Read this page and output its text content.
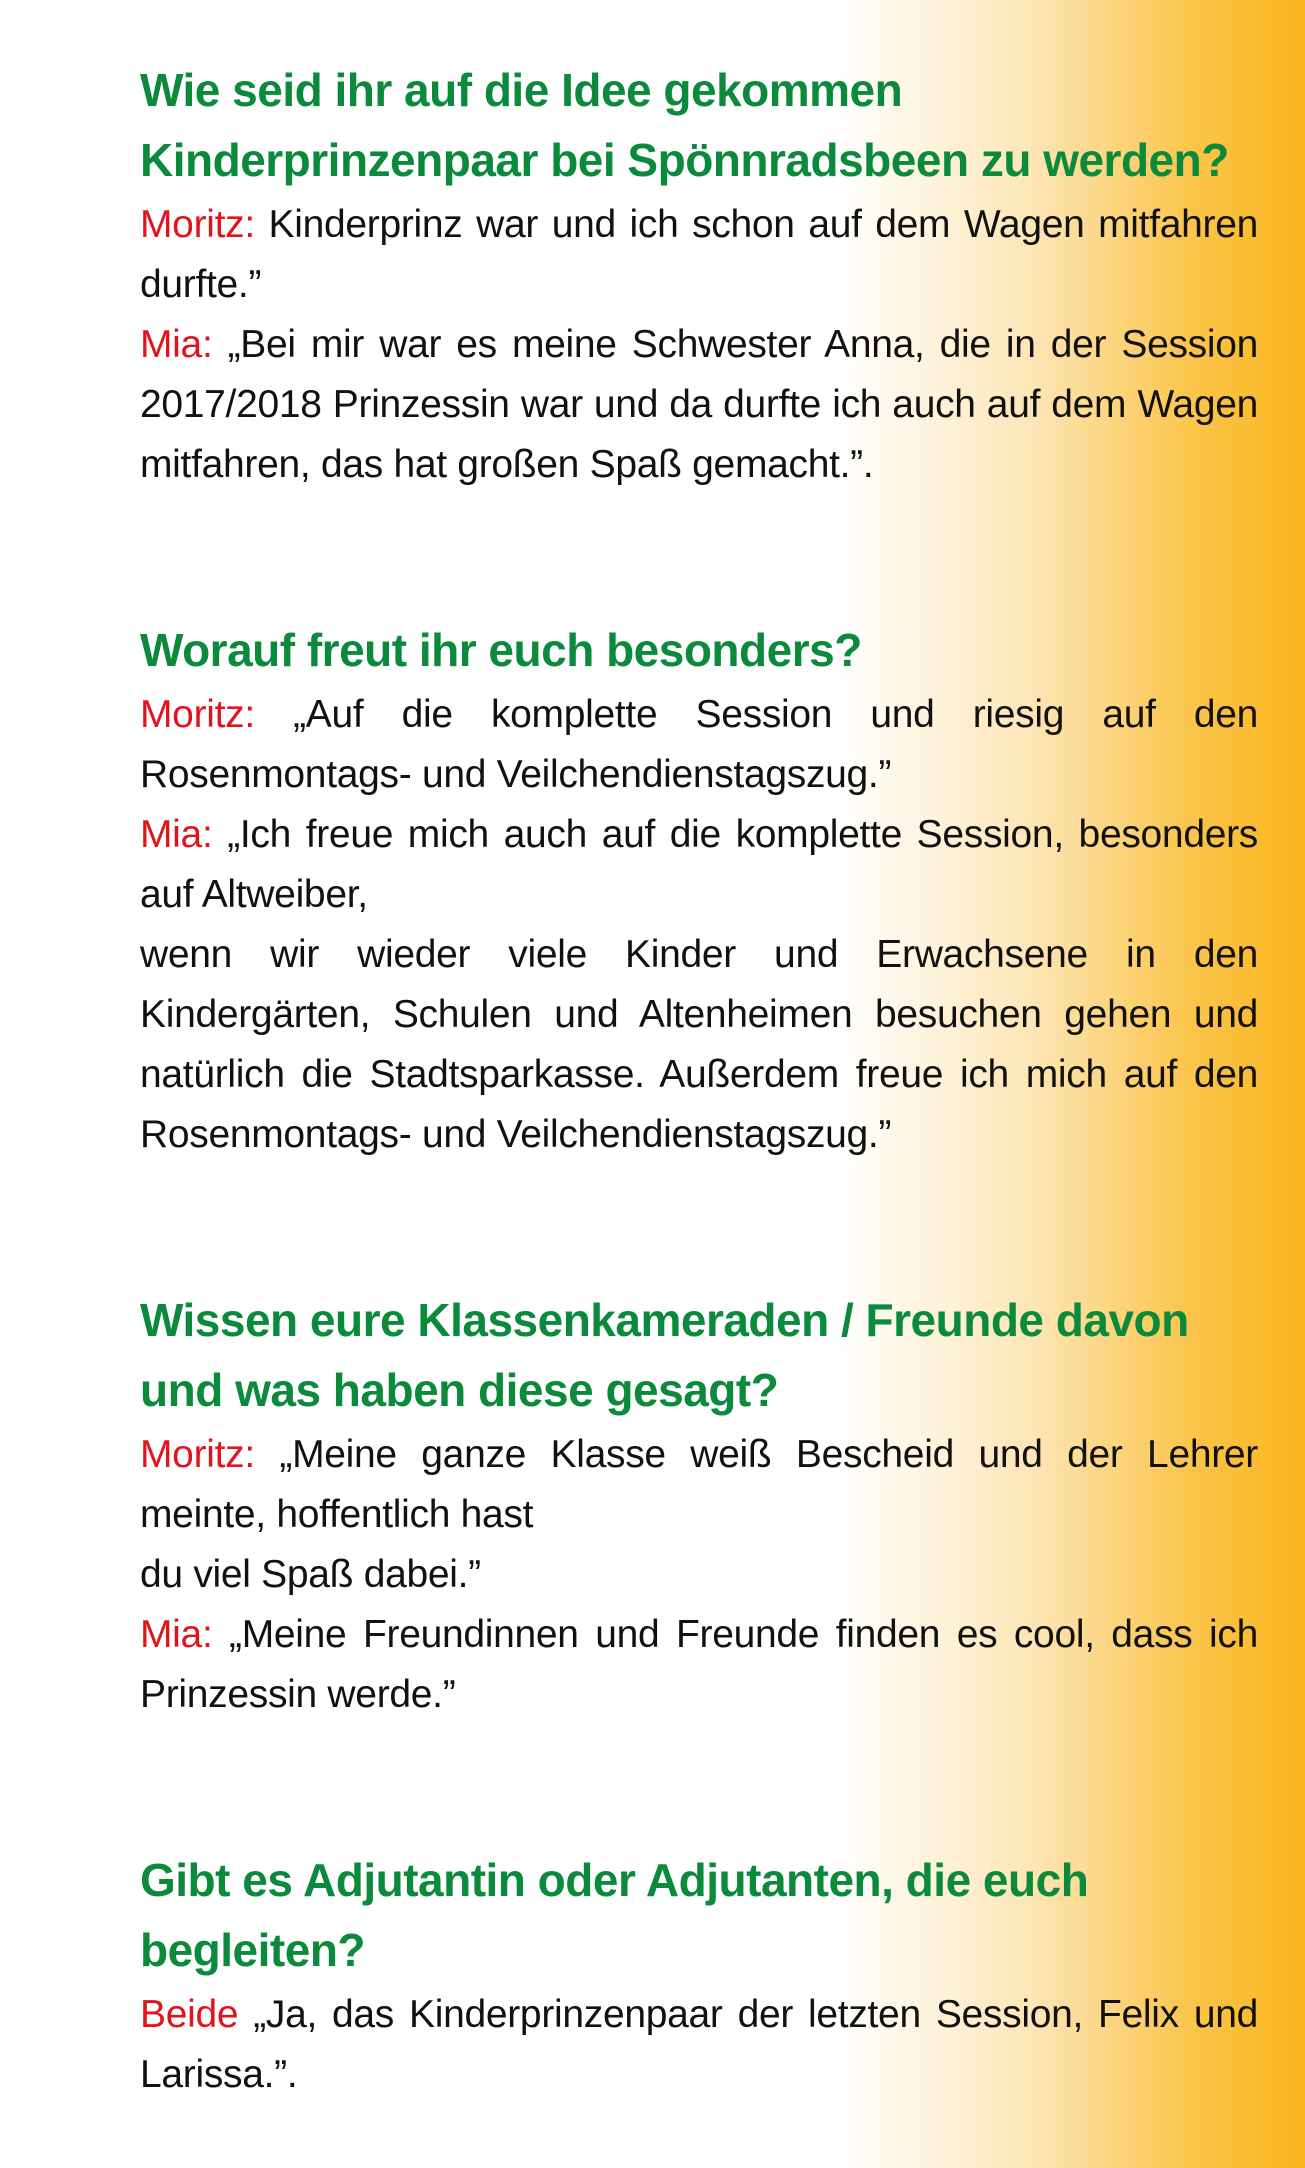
Wie seid ihr auf die Idee gekommen Kinderprinzenpaar bei Spönnradsbeen zu werden?

Moritz: Kinderprinz war und ich schon auf dem Wagen mitfahren durfte.”

Mia: „Bei mir war es meine Schwester Anna, die in der Session 2017/2018 Prinzessin war und da durfte ich auch auf dem Wagen mitfahren, das hat großen Spaß gemacht.”.

Worauf freut ihr euch besonders?

Moritz: „Auf die komplette Session und riesig auf den Rosenmontags- und Veilchendienstagszug.”

Mia: „Ich freue mich auch auf die komplette Session, besonders auf Altweiber,

wenn wir wieder viele Kinder und Erwachsene in den Kindergärten, Schulen und Altenheimen besuchen gehen und natürlich die Stadtsparkasse. Außerdem freue ich mich auf den Rosenmontags- und Veilchendienstagszug.”

Wissen eure Klassenkameraden / Freunde davon und was haben diese gesagt?

Moritz: „Meine ganze Klasse weiß Bescheid und der Lehrer meinte, hoffentlich hast

du viel Spaß dabei.”

Mia: „Meine Freundinnen und Freunde finden es cool, dass ich Prinzessin werde.”

Gibt es Adjutantin oder Adjutanten, die euch begleiten?

Beide „Ja, das Kinderprinzenpaar der letzten Session, Felix und Larissa.”.
